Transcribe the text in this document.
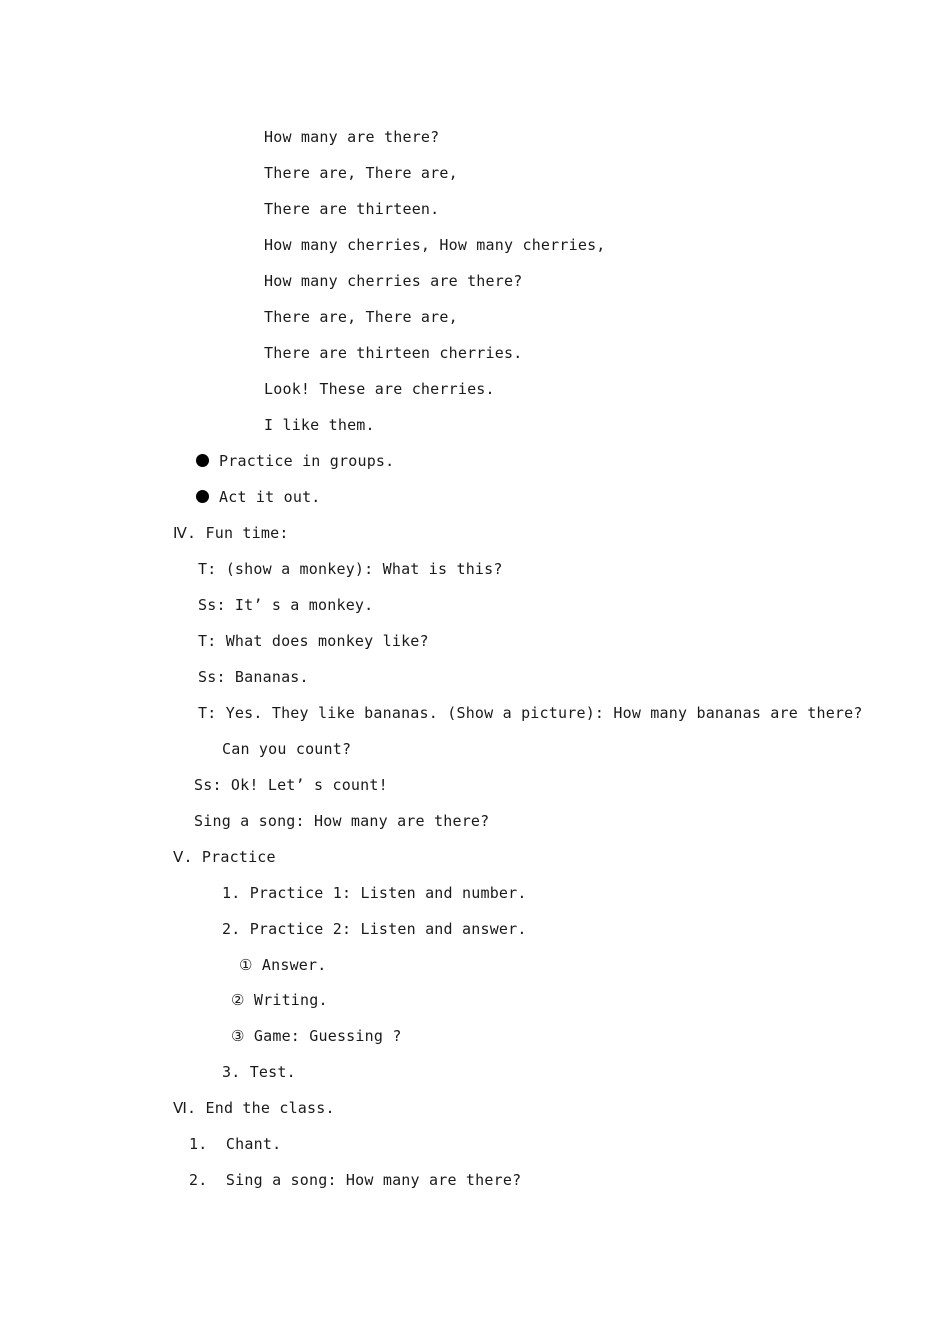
How many are there?
There are, There are,
There are thirteen.
How many cherries, How many cherries,
How many cherries are there?
There are, There are,
There are thirteen cherries.
Look! These are cherries.
I like them.
Practice in groups.
Act it out.
Ⅳ. Fun time:
T: (show a monkey): What is this?
Ss: It’ s a monkey.
T: What does monkey like?
Ss: Bananas.
T: Yes. They like bananas. (Show a picture): How many bananas are there?
Can you count?
Ss: Ok! Let’ s count!
Sing a song: How many are there?
Ⅴ. Practice
1. Practice 1: Listen and number.
2. Practice 2: Listen and answer.
① Answer.
② Writing.
③ Game: Guessing ?
3. Test.
Ⅵ. End the class.
1.  Chant.
2.  Sing a song: How many are there?
